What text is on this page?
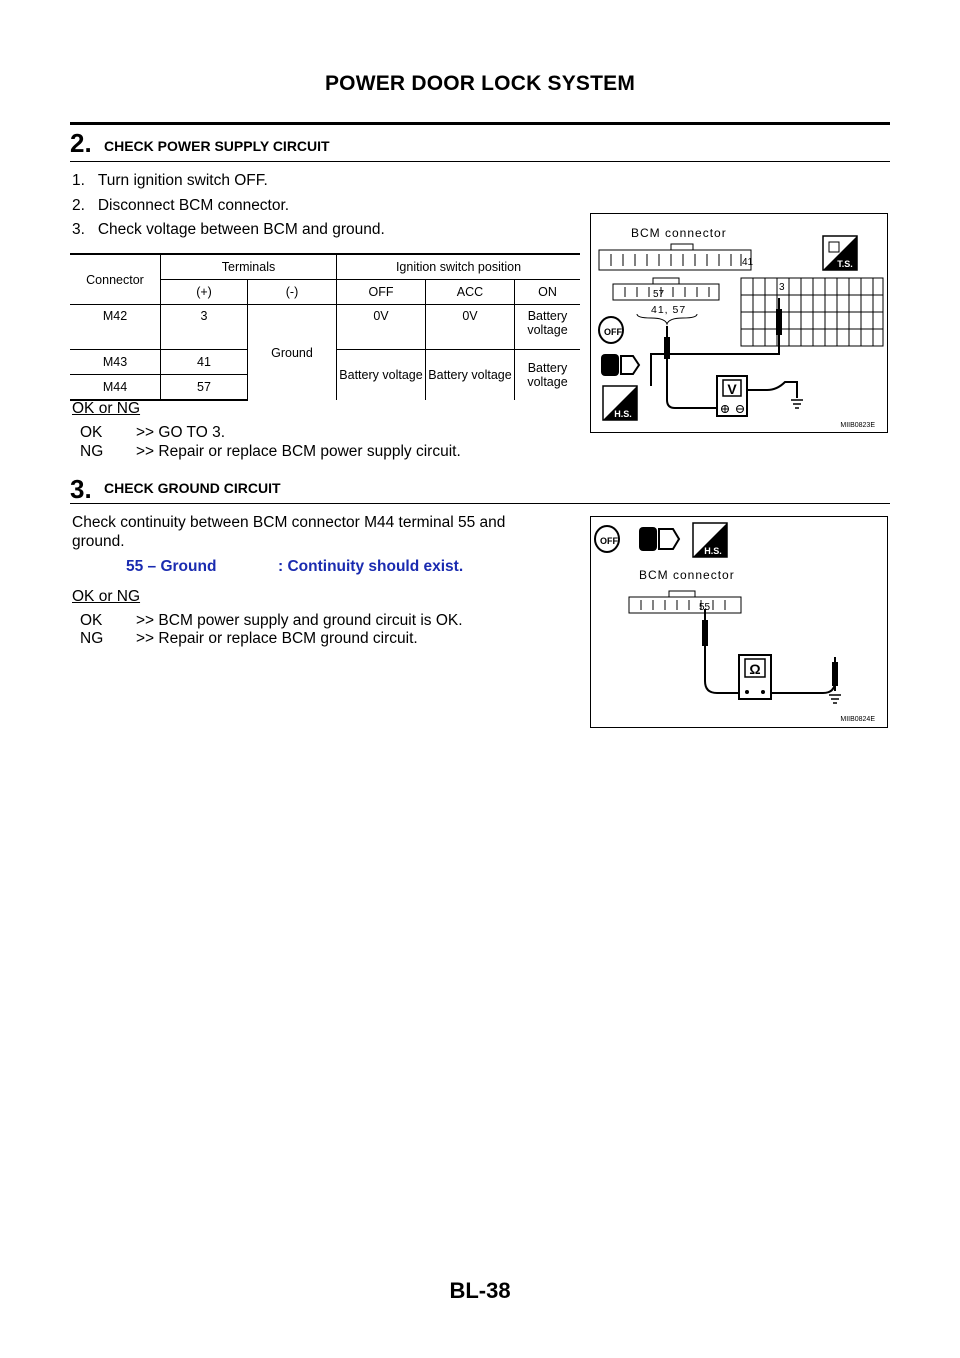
POWER DOOR LOCK SYSTEM
2. CHECK POWER SUPPLY CIRCUIT
1.   Turn ignition switch OFF.
2.   Disconnect BCM connector.
3.   Check voltage between BCM and ground.
Connector	Terminals		Ignition switch position		
	(+)	(-)	OFF	ACC	ON
M42	3	Ground	0V	0V	Battery voltage
M43	41		Battery voltage	Battery voltage	Battery voltage
M44	57				
OK or NG
OK >> GO TO 3.
NG >> Repair or replace BCM power supply circuit.
BCM connector
41
57
41, 57
3
V
OFF
H.S.
T.S.
MIIB0823E
3. CHECK GROUND CIRCUIT
Check continuity between BCM connector M44 terminal 55 and
ground.
55 – Ground	: Continuity should exist.
OK or NG
OK >> BCM power supply and ground circuit is OK.
NG >> Repair or replace BCM ground circuit.
OFF
H.S.
BCM connector
55
Ω
MIIB0824E
BL-38
